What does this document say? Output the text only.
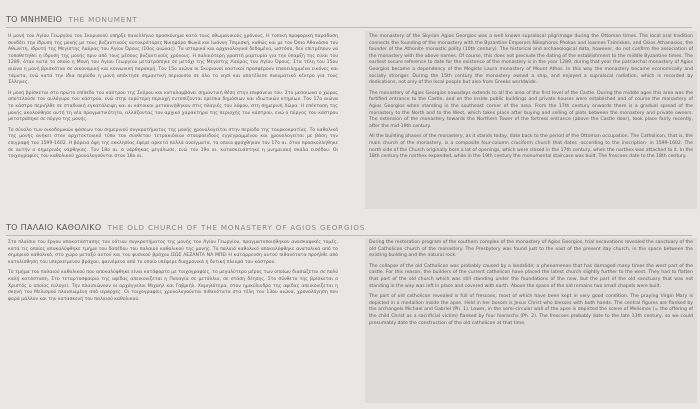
ΤΟ ΜΝΗΜΕΙΟ THE MONUMENT
Η μονή του Αγίου Γεωργίου του Σκυριανού υπήρξε πανελλήνιο προσκύνημα κατά τους οθωμανικούς χρόνους. Η τοπική προφορική παράδοση συνδέει την ίδρυση της μονής με τους βυζαντινούς αυτοκράτορες Νικηφόρο Φωκά και Ιωάννη Τσιμισκή, καθώς και με τον Όσιο Αθανάσιο τον Αθωνίτη, ιδρυτή της Μεγίστης Λαύρας του Αγίου Όρους (10ος αιώνας). Τα ιστορικά και αρχαιολογικά δεδομένα, ωστόσο, δεν επιτρέπουν να τοποθετηθεί η ίδρυση της μονής πριν από τους μέσους βυζαντινούς χρόνους. Η παλαιότερη γραπτή μαρτυρία για την ύπαρξή της είναι του 1289, όταν κατά το οποίο η Μονή του Αγίου Γεωργίου μετατράπηκε σε μετόχι της Μεγίστης Λαύρας του Αγίου Όρους. Στα τέλη του 15ου αιώνα η μονή βρισκόταν σε οικονομική και κοινωνική παρακμή. Τον 15ο αιώνα οι Σκυριανοί ναυτικοί προσφέρουν επανειλημμένα εικόνες και τάματα, ενώ κατά την ίδια περίοδο η μονή απέκτησε σημαντική περιουσία σε όλο το νησί και αποτέλεσε πνευματικό κέντρο για τους Έλληνες.
Η μονή βρίσκεται στο πρώτο επίπεδο του κάστρου της Σκύρου και καταλαμβάνει σημαντική θέση στην επιφάνεια του. Στο μεσαίωνα ο χώρος αποτελούσε τον αυλόγυρο του κάστρου, ενώ στην ευρύτερη περιοχή εντοπίζονται ερείπια δημόσιων και ιδιωτικών κτηρίων. Τον 17ο αιώνα το κάστρο περιήλθε σε σταδιακή εγκατάλειψη και οι κάτοικοι μετακινήθηκαν στις πλαγιές του λόφου, στη σημερινή Χώρα. Η επέκταση της μονής ακολούθησε αυτή τη νέα πραγματικότητα, αλλάζοντας τον αρχικό χαρακτήρα της περιοχής του κάστρου, ενώ ο πύργος του κάστρου μετατράπηκε σε πύργο της μονής.
Το σύνολο των οικοδομικών φάσεων του σημερινού συγκροτήματος της μονής χρονολογείται στην περίοδο της τουρκοκρατίας. Το καθολικό της μονής ανήκει στον αρχιτεκτονικό τύπο του σύνθετου τετρακιόνιου σταυροειδούς εγγεγραμμένου και χρονολογείται με βάση την επιγραφή του 1599-1602. Η βόρεια όψη της εκκλησίας έφερε αρκετά πολλά ανοίγματα, τα οποία φράχθηκαν τον 17ο αι. όταν προσκολλήθηκε σε αυτήν ο σημερινός νάρθηκας. Τον 18ο αι. ο νάρθηκας μεγάλωσε, ενώ τον 19ο αι. κατασκευάστηκε η μνημειακή σκάλα εισόδου. Οι τοιχογραφίες του καθολικού χρονολογούνται στον 18ο αι.
The monastery of the Skyrian Agios Georgios was a well known supralocal pilgrimage during the Ottoman times. The local oral tradition connects the founding of the monastery with the Byzantine Emperors Nikephoros Phokas and Ioannes Tzimiskes, and Osios Athanasios, the founder of the Athonite monastic polity (10th century). The historical and archaeological data, however, do not confirm the association of the monastery with the above names. Of course, this does not preclude the dating of the establishment to the middle Byzantine times. The earliest secure reference to date for the existence of the monastery is in the year 1289, during that year the patriarchal monastery of Agios Georgios became a dependency of the Megiste Laura monastery of Mount Athos. In this way the monastery became economically and socially stronger. During the 15th century the monastery owned a ship, and enjoyed a supralocal radiation, which is recorded by dedications, not only of the local people but also from Greeks worldwide.
The monastery of Agios Georgios nowadays extends to all the area of the first level of the Castle. During the middle ages this area was the fortified entrance to the Castle, and on the inside public buildings and private houses were established and of course the monastery of Agios Georgios when standing in the southeast corner of the area. From the 17th century onwards there is a gradual spread of the monastery to the North and to the West, which takes place after buying and selling of plots between the monastery and private owners. The extension of the monastery towards the Northern Tower of the fortress entrance (above the Castle door), took place fairly recently, after the mid-19th century.
All the building phases of the monastery, as it stands today, date back to the period of the Ottoman occupation. The Catholicon, that is, the main church of the monastery, is a composite four-column cruciform church that dates -according to the inscription- in 1599-1602. The north side of the Church originally bore a lot of openings, which were closed in the 17th century, when the narthex was attached to it. In the 18th century the narthex expanded, while in the 19th century the monumental staircase was built. The frescoes date to the 18th century.
ΤΟ ΠΑΛΑΙΟ ΚΑΘΟΛΙΚΟ THE OLD CHURCH OF THE MONASTERY OF AGIOS GEORGIOS
Στο πλαίσιο του έργου αποκατάστασης του νότιου συγκροτήματος της μονής του Αγίου Γεωργίου, πραγματοποιήθηκαν ανασκαφικές τομές, κατά τις οποίες αποκαλύφθηκε τμήμα του δαπέδου του παλαιού καθολικού της μονής. Το παλαιό καθολικό αποκαλύφθηκε ανατολικά από το σημερινό καθολικό, στο χώρο μεταξύ αυτού και του φυσικού βράχου.ΙΣΩΣ ΛΕΖΑΝΤΑ ΝΑ ΜΠΕΙ Η κατάρρευση αυτού πιθανότατα προήλθε από κατολίσθηση του υπερκείμενου βράχου, φαινόμενο από το οποίο υπέφερε διαχρονικά η δυτική πλευρά του κάστρου.
Το τμήμα του παλαιού καθολικού που αποκαλύφθηκε είναι κατάφορτο με τοιχογραφίες, το μεγαλύτερο μέρος των οποίων διασώζεται σε πολύ καλή κατάσταση. Στο τεταρτοσφαίριο της αψίδας απεικονίζεται η Παναγία σε μετάλλιο, σε στάση δέησης. Στο σύνθετο της βρίσκεται ο Χριστός ο οποίος ευλογεί. Την πλαισιώνουν οι αρχάγγελοι Μιχαήλ και Γαβριήλ. Χαμηλότερα, στον ημικύλινδρο της αψίδας απεικονίζεται η σκηνή του Μελισμού πλαισιωμένη από ιεράρχες. Οι τοιχογραφίες χρονολογούνται πιθανότατα στα τέλη του 13ου αιώνα, χρονολόγηση που φορά μάλλον και την κατασκευή του παλαιού καθολικού.
During the restoration program of the southern complex of the monastery of Agios Georgios, trial excavations revealed the sanctuary of the old Catholicon church of the monastery. The Presbytery was found just to the east of the present day church, in the space between the existing building and the natural rock.
The collapse of the old Catholicon was probably caused by a landslide; a phenomenon that has damaged many times the west part of the castle. For this reason, the builders of the current catholicon have placed the latest church slightly further to the west. They had to flatten that part of the old church which was still standing under the foundations of the new, but the part of the old sanctuary that was not standing in the way was left in place and covered with earth. Above the space of the old remains two small chapels were built.
The part of old catholicon revealed is full of frescoes, most of which have been kept in very good condition. The praying Virgin Mary is depicted in a medallion inside the apse. Held in her bosom is Jesus Christ who blesses with both hands. The central figures are flanked by the archangels Michael and Gabriel (Ph. 1). Lower, in the semi-circular wall of the apse is depicted the scene of Melismos (= the offering of the child Christ as a sacrificial victim) flanked by four hierarchs (Ph. 2). The frescoes probably date to the late 13th century, so we could presumably date the construction of the old catholicon at that time.
